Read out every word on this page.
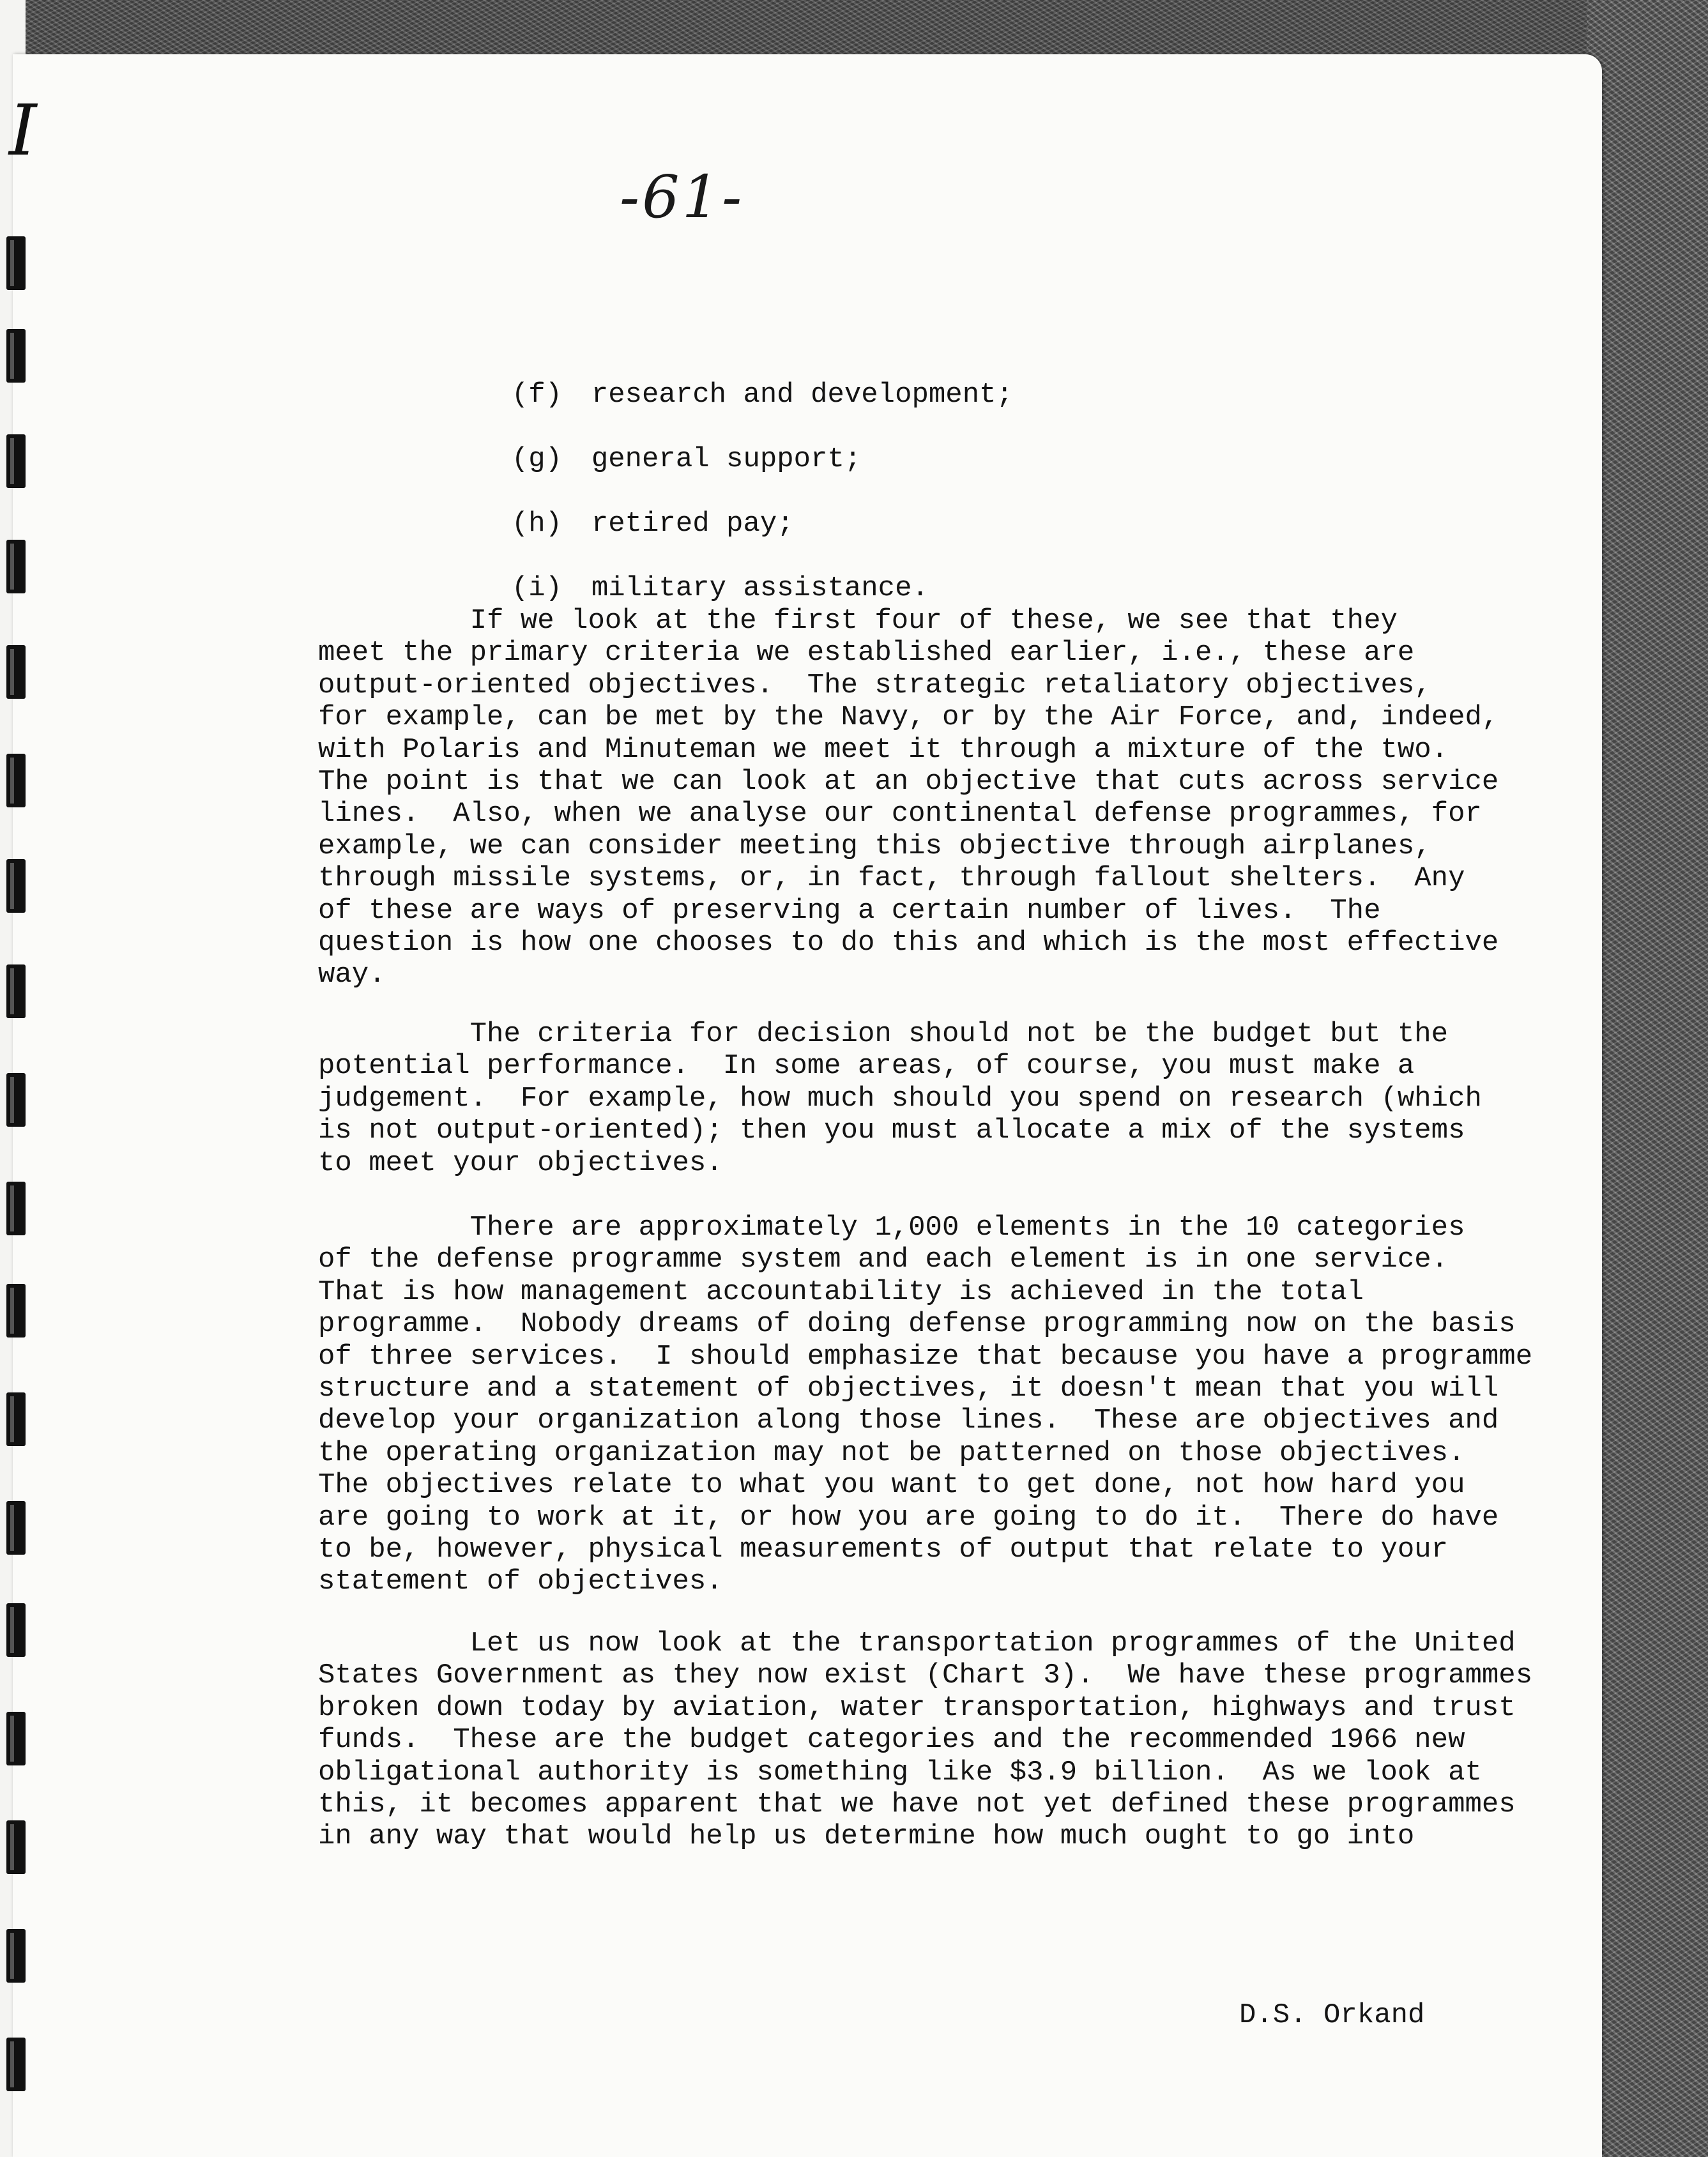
I
-61-

(f) research and development;

(g) general support;

(h) retired pay;

(i) military assistance.

If we look at the first four of these, we see that they
meet the primary criteria we established earlier, i.e., these are
output-oriented objectives.  The strategic retaliatory objectives,
for example, can be met by the Navy, or by the Air Force, and, indeed,
with Polaris and Minuteman we meet it through a mixture of the two.
The point is that we can look at an objective that cuts across service
lines.  Also, when we analyse our continental defense programmes, for
example, we can consider meeting this objective through airplanes,
through missile systems, or, in fact, through fallout shelters.  Any
of these are ways of preserving a certain number of lives.  The
question is how one chooses to do this and which is the most effective
way.
The criteria for decision should not be the budget but the
potential performance.  In some areas, of course, you must make a
judgement.  For example, how much should you spend on research (which
is not output-oriented); then you must allocate a mix of the systems
to meet your objectives.
There are approximately 1,000 elements in the 10 categories
of the defense programme system and each element is in one service.
That is how management accountability is achieved in the total
programme.  Nobody dreams of doing defense programming now on the basis
of three services.  I should emphasize that because you have a programme
structure and a statement of objectives, it doesn't mean that you will
develop your organization along those lines.  These are objectives and
the operating organization may not be patterned on those objectives.
The objectives relate to what you want to get done, not how hard you
are going to work at it, or how you are going to do it.  There do have
to be, however, physical measurements of output that relate to your
statement of objectives.
Let us now look at the transportation programmes of the United
States Government as they now exist (Chart 3).  We have these programmes
broken down today by aviation, water transportation, highways and trust
funds.  These are the budget categories and the recommended 1966 new
obligational authority is something like $3.9 billion.  As we look at
this, it becomes apparent that we have not yet defined these programmes
in any way that would help us determine how much ought to go into
D.S. Orkand
